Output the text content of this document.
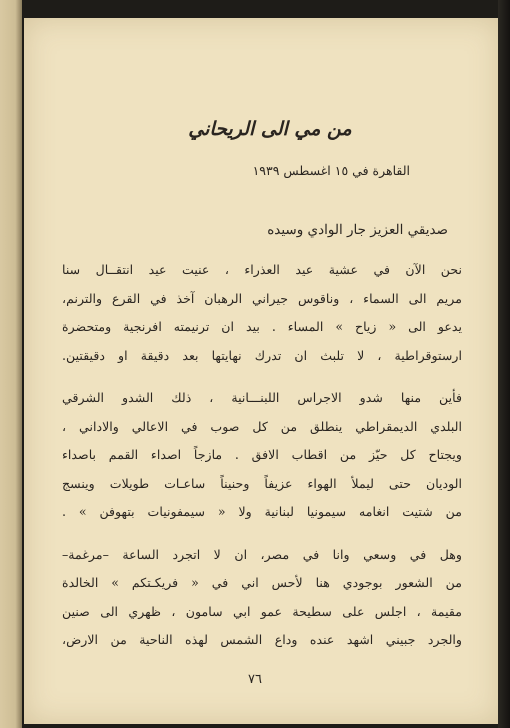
من مي الى الريحاني
القاهرة في ١٥ اغسطس ١٩٣٩
صديقي العزيز جار الوادي وسيده
نحن الآن في عشية عيد العذراء ، عنيت عيد انتقــال سنا
مريم الى السماء ، وناقوس جيراني الرهبان آخذ في القرع والترنم،
يدعو الى « زياح » المساء . بيد ان ترنيمته افرنجية ومتحضرة
ارستوقراطية ، لا تلبث ان تدرك نهايتها بعد دقيقة او دقيقتين.
فأين منها شدو الاجراس اللبنـــانية ، ذلك الشدو الشرقي
البلدي الديمقراطي ينطلق من كل صوب في الاعالي والاداني ،
ويجتاح كل حيّز من اقطاب الافق . مازجاً اصداء القمم باصداء
الوديان حتى ليملأ الهواء عزيفاً وحنيناً ساعـات طويلات وينسج
من شتيت انغامه سيمونيا لبنانية ولا « سيمفونيات بتهوفن » .
وهل في وسعي وانا في مصر، ان لا اتجرد الساعة –مرغمة–
من الشعور بوجودي هنا لأحس اني في « فريكـتكم » الخالدة
مقيمة ، اجلس على سطيحة عمو ابي سامون ، ظهري الى صنين
والجرد جبيني اشهد عنده وداع الشمس لهذه الناحية من الارض،
٧٦
